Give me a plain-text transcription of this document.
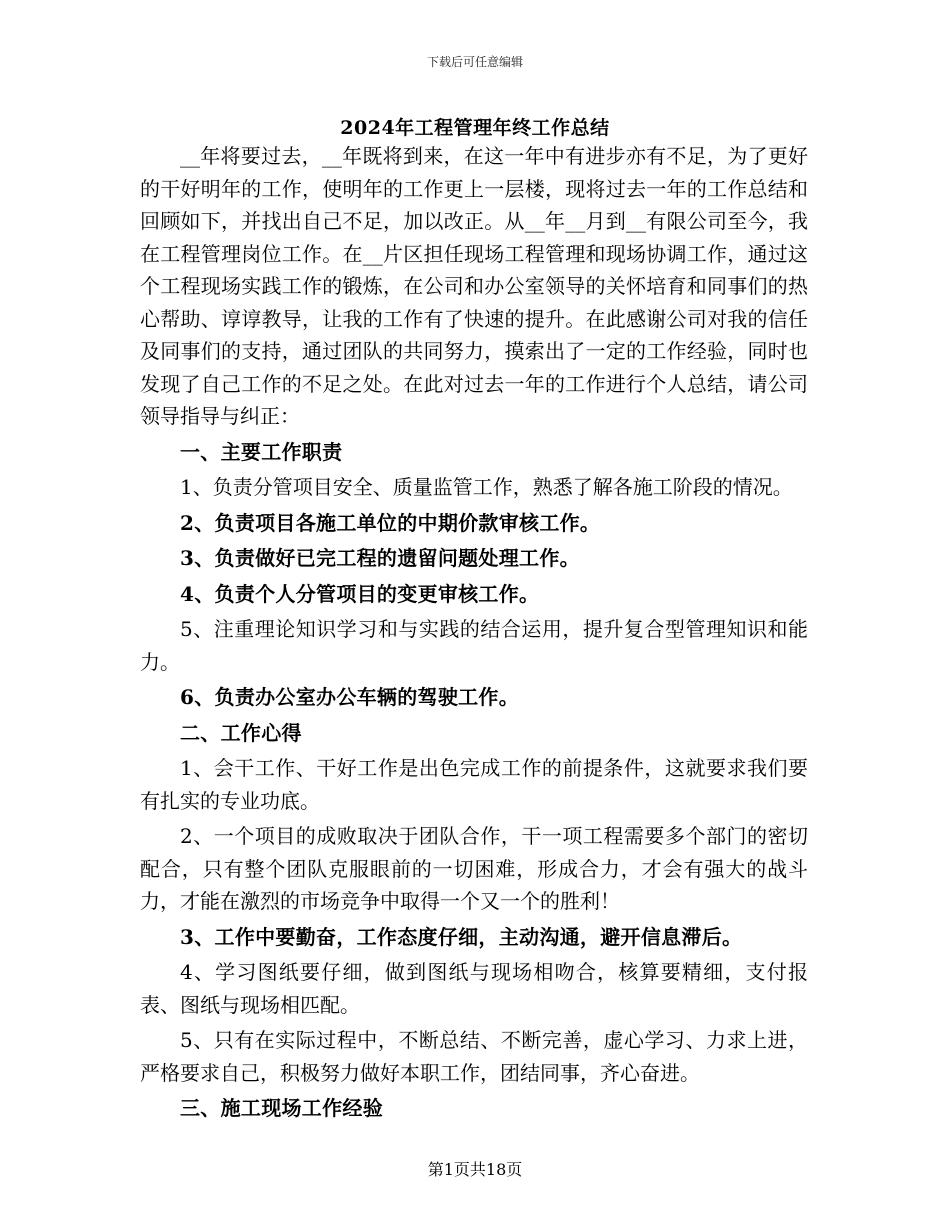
下载后可任意编辑
2024年工程管理年终工作总结

__年将要过去，__年既将到来，在这一年中有进步亦有不足，为了更好的干好明年的工作，使明年的工作更上一层楼，现将过去一年的工作总结和回顾如下，并找出自己不足，加以改正。从__年__月到__有限公司至今，我在工程管理岗位工作。在__片区担任现场工程管理和现场协调工作，通过这个工程现场实践工作的锻炼，在公司和办公室领导的关怀培育和同事们的热心帮助、谆谆教导，让我的工作有了快速的提升。在此感谢公司对我的信任及同事们的支持，通过团队的共同努力，摸索出了一定的工作经验，同时也发现了自己工作的不足之处。在此对过去一年的工作进行个人总结，请公司领导指导与纠正：

一、主要工作职责

1、负责分管项目安全、质量监管工作，熟悉了解各施工阶段的情况。

2、负责项目各施工单位的中期价款审核工作。

3、负责做好已完工程的遗留问题处理工作。

4、负责个人分管项目的变更审核工作。

5、注重理论知识学习和与实践的结合运用，提升复合型管理知识和能力。

6、负责办公室办公车辆的驾驶工作。

二、工作心得

1、会干工作、干好工作是出色完成工作的前提条件，这就要求我们要有扎实的专业功底。

2、一个项目的成败取决于团队合作，干一项工程需要多个部门的密切配合，只有整个团队克服眼前的一切困难，形成合力，才会有强大的战斗力，才能在激烈的市场竞争中取得一个又一个的胜利！

3、工作中要勤奋，工作态度仔细，主动沟通，避开信息滞后。

4、学习图纸要仔细，做到图纸与现场相吻合，核算要精细，支付报表、图纸与现场相匹配。

5、只有在实际过程中，不断总结、不断完善，虚心学习、力求上进，严格要求自己，积极努力做好本职工作，团结同事，齐心奋进。

三、施工现场工作经验

第1页共18页
